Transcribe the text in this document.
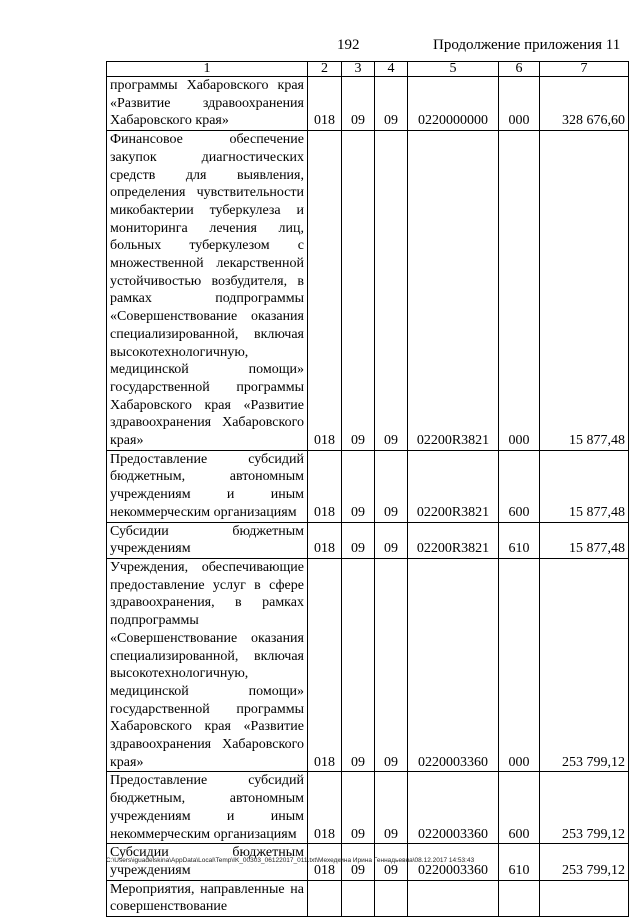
192	Продолжение приложения 11
1	2	3	4	5	6	7
программы Хабаровского края «Развитие здравоохранения Хабаровского края»	018	09	09	0220000000	000	328 676,60
Финансовое обеспечение закупок диагностических средств для выявления, определения чувствительности микобактерии туберкулеза и мониторинга лечения лиц, больных туберкулезом с множественной лекарственной устойчивостью возбудителя, в рамках подпрограммы «Совершенствование оказания специализированной, включая высокотехнологичную, медицинской помощи» государственной программы Хабаровского края «Развитие здравоохранения Хабаровского края»	018	09	09	02200R3821	000	15 877,48
Предоставление субсидий бюджетным, автономным учреждениям и иным некоммерческим организациям	018	09	09	02200R3821	600	15 877,48
Субсидии бюджетным учреждениям	018	09	09	02200R3821	610	15 877,48
Учреждения, обеспечивающие предоставление услуг в сфере здравоохранения, в рамках подпрограммы «Совершенствование оказания специализированной, включая высокотехнологичную, медицинской помощи» государственной программы Хабаровского края «Развитие здравоохранения Хабаровского края»	018	09	09	0220003360	000	253 799,12
Предоставление субсидий бюджетным, автономным учреждениям и иным некоммерческим организациям	018	09	09	0220003360	600	253 799,12
Субсидии бюджетным учреждениям	018	09	09	0220003360	610	253 799,12
Мероприятия, направленные на совершенствование						
C:\Users\iguadelskina\AppData\Local\Temp\IK_00303_06122017_011.txt\Мехедкина Ирина Геннадьевна\08.12.2017 14:53:43
